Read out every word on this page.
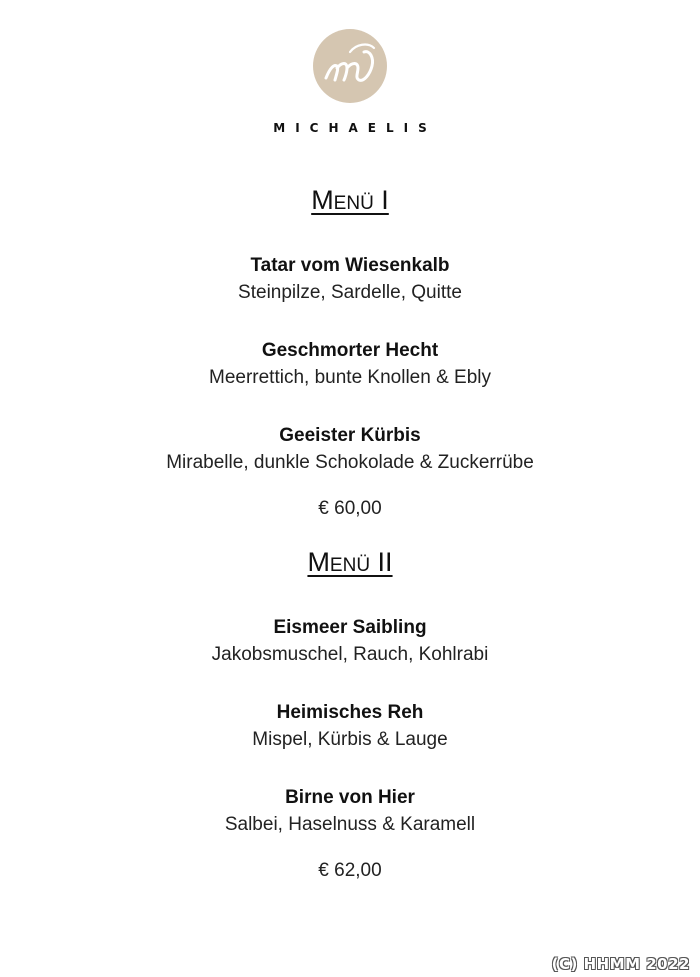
MICHAELIS
Menü I
Tatar vom Wiesenkalb
Steinpilze, Sardelle, Quitte
Geschmorter Hecht
Meerrettich, bunte Knollen & Ebly
Geeister Kürbis
Mirabelle, dunkle Schokolade & Zuckerrübe
€ 60,00
Menü II
Eismeer Saibling
Jakobsmuschel, Rauch, Kohlrabi
Heimisches Reh
Mispel, Kürbis & Lauge
Birne von Hier
Salbei, Haselnuss & Karamell
€ 62,00
(C) HHMM 2022
